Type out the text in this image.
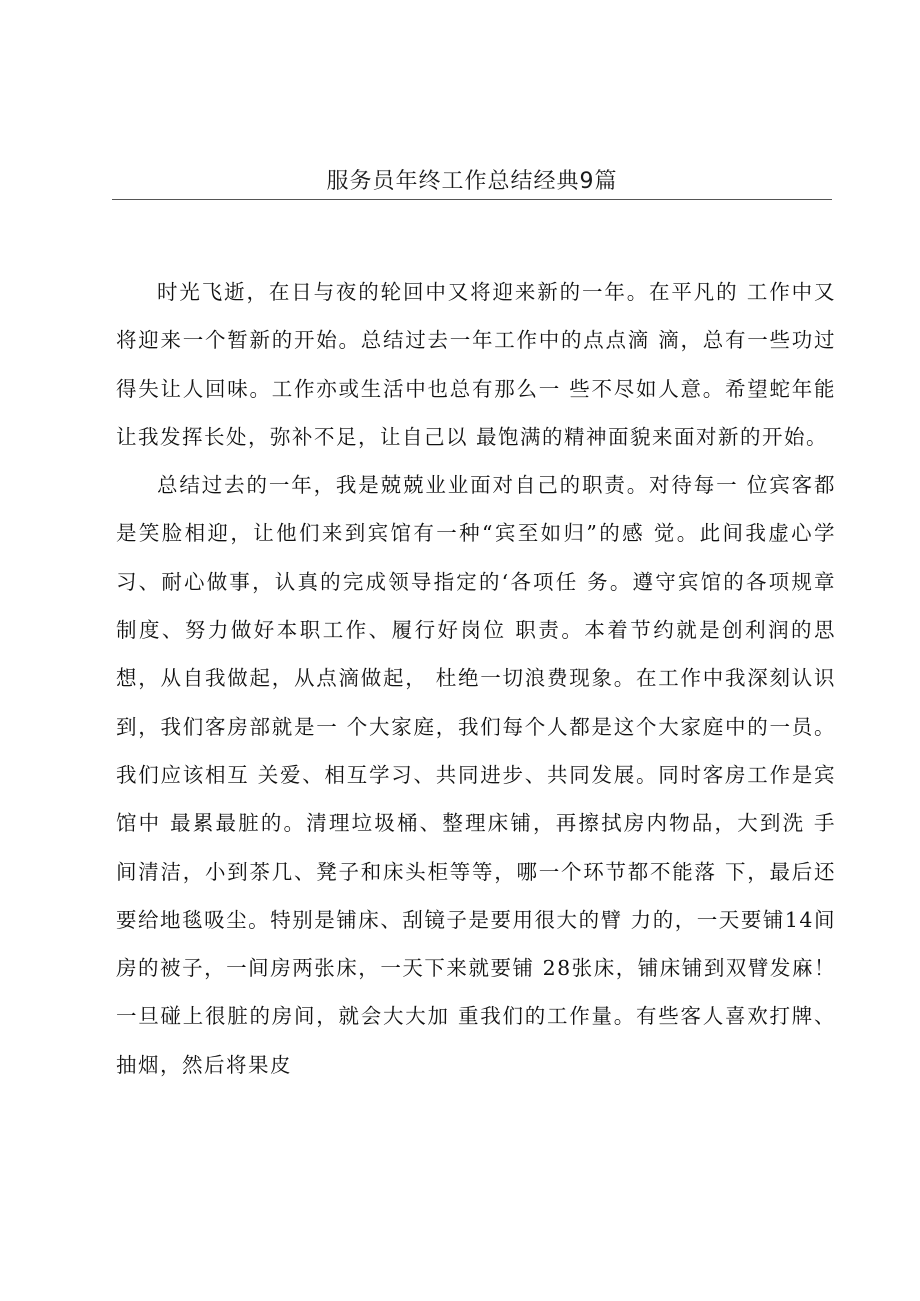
服务员年终工作总结经典9篇

时光飞逝，在日与夜的轮回中又将迎来新的一年。在平凡的 工作中又将迎来一个暂新的开始。总结过去一年工作中的点点滴 滴，总有一些功过得失让人回味。工作亦或生活中也总有那么一 些不尽如人意。希望蛇年能让我发挥长处，弥补不足，让自己以 最饱满的精神面貌来面对新的开始。

总结过去的一年，我是兢兢业业面对自己的职责。对待每一 位宾客都是笑脸相迎，让他们来到宾馆有一种“宾至如归”的感 觉。此间我虚心学习、耐心做事，认真的完成领导指定的‘各项任 务。遵守宾馆的各项规章制度、努力做好本职工作、履行好岗位 职责。本着节约就是创利润的思想，从自我做起，从点滴做起， 杜绝一切浪费现象。在工作中我深刻认识到，我们客房部就是一 个大家庭，我们每个人都是这个大家庭中的一员。我们应该相互 关爱、相互学习、共同进步、共同发展。同时客房工作是宾馆中 最累最脏的。清理垃圾桶、整理床铺，再擦拭房内物品，大到洗 手间清洁，小到茶几、凳子和床头柜等等，哪一个环节都不能落 下，最后还要给地毯吸尘。特别是铺床、刮镜子是要用很大的臂 力的，一天要铺14间房的被子，一间房两张床，一天下来就要铺 28张床，铺床铺到双臂发麻！ 一旦碰上很脏的房间，就会大大加 重我们的工作量。有些客人喜欢打牌、抽烟，然后将果皮
